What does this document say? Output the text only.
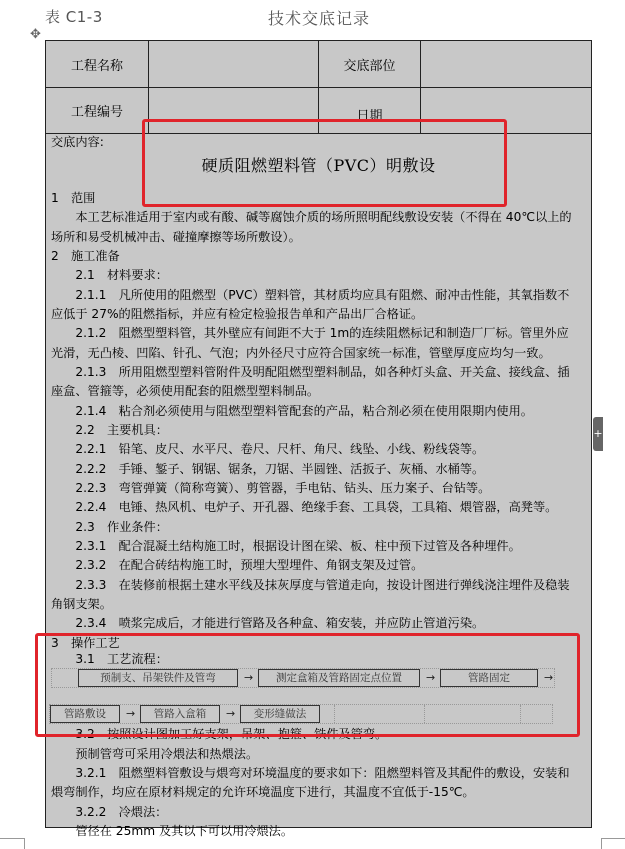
表 C1-3	技术交底记录
✥
工程名称	交底部位
工程编号	日期
交底内容:
硬质阻燃塑料管（PVC）明敷设
1　范围
　　本工艺标准适用于室内或有酸、碱等腐蚀介质的场所照明配线敷设安装（不得在 40℃以上的
场所和易受机械冲击、碰撞摩擦等场所敷设）。
2　施工准备
　　2.1　材料要求：
　　2.1.1　凡所使用的阻燃型（PVC）塑料管，其材质均应具有阻燃、耐冲击性能，其氧指数不
应低于 27%的阻燃指标，并应有检定检验报告单和产品出厂合格证。
　　2.1.2　阻燃型塑料管，其外壁应有间距不大于 1m的连续阻燃标记和制造厂厂标。管里外应
光滑，无凸棱、凹陷、针孔、气泡；内外径尺寸应符合国家统一标准，管壁厚度应均匀一致。
　　2.1.3　所用阻燃型塑料管附件及明配阻燃型塑料制品，如各种灯头盒、开关盒、接线盒、插
座盒、管箍等，必须使用配套的阻燃型塑料制品。
　　2.1.4　粘合剂必须使用与阻燃型塑料管配套的产品，粘合剂必须在使用限期内使用。
　　2.2　主要机具：
　　2.2.1　铅笔、皮尺、水平尺、卷尺、尺杆、角尺、线坠、小线、粉线袋等。
　　2.2.2　手锤、錾子、钢锯、锯条，刀锯、半圆锉、活扳子、灰桶、水桶等。
　　2.2.3　弯管弹簧（简称弯簧）、剪管器，手电钻、钻头、压力案子、台钻等。
　　2.2.4　电锤、热风机、电炉子、开孔器、绝缘手套、工具袋，工具箱、煨管器，高凳等。
　　2.3　作业条件：
　　2.3.1　配合混凝土结构施工时，根据设计图在梁、板、柱中预下过管及各种埋件。
　　2.3.2　在配合砖结构施工时，预埋大型埋件、角钢支架及过管。
　　2.3.3　在装修前根据土建水平线及抹灰厚度与管道走向，按设计图进行弹线浇注埋件及稳装
角钢支架。
　　2.3.4　喷浆完成后，才能进行管路及各种盒、箱安装，并应防止管道污染。
3　操作工艺
　　3.1　工艺流程：
预制支、吊架铁件及管弯	→	测定盒箱及管路固定点位置	→	管路固定	→
管路敷设	→	管路入盒箱	→	变形缝做法
　　3.2　按照设计图加工好支架，吊架、抱箍、铁件及管弯。
　　预制管弯可采用冷煨法和热煨法。
　　3.2.1　阻燃塑料管敷设与煨弯对环境温度的要求如下：阻燃塑料管及其配件的敷设，安装和
煨弯制作，均应在原材料规定的允许环境温度下进行，其温度不宜低于-15℃。
　　3.2.2　冷煨法：
　　管径在 25mm 及其以下可以用冷煨法。
+
